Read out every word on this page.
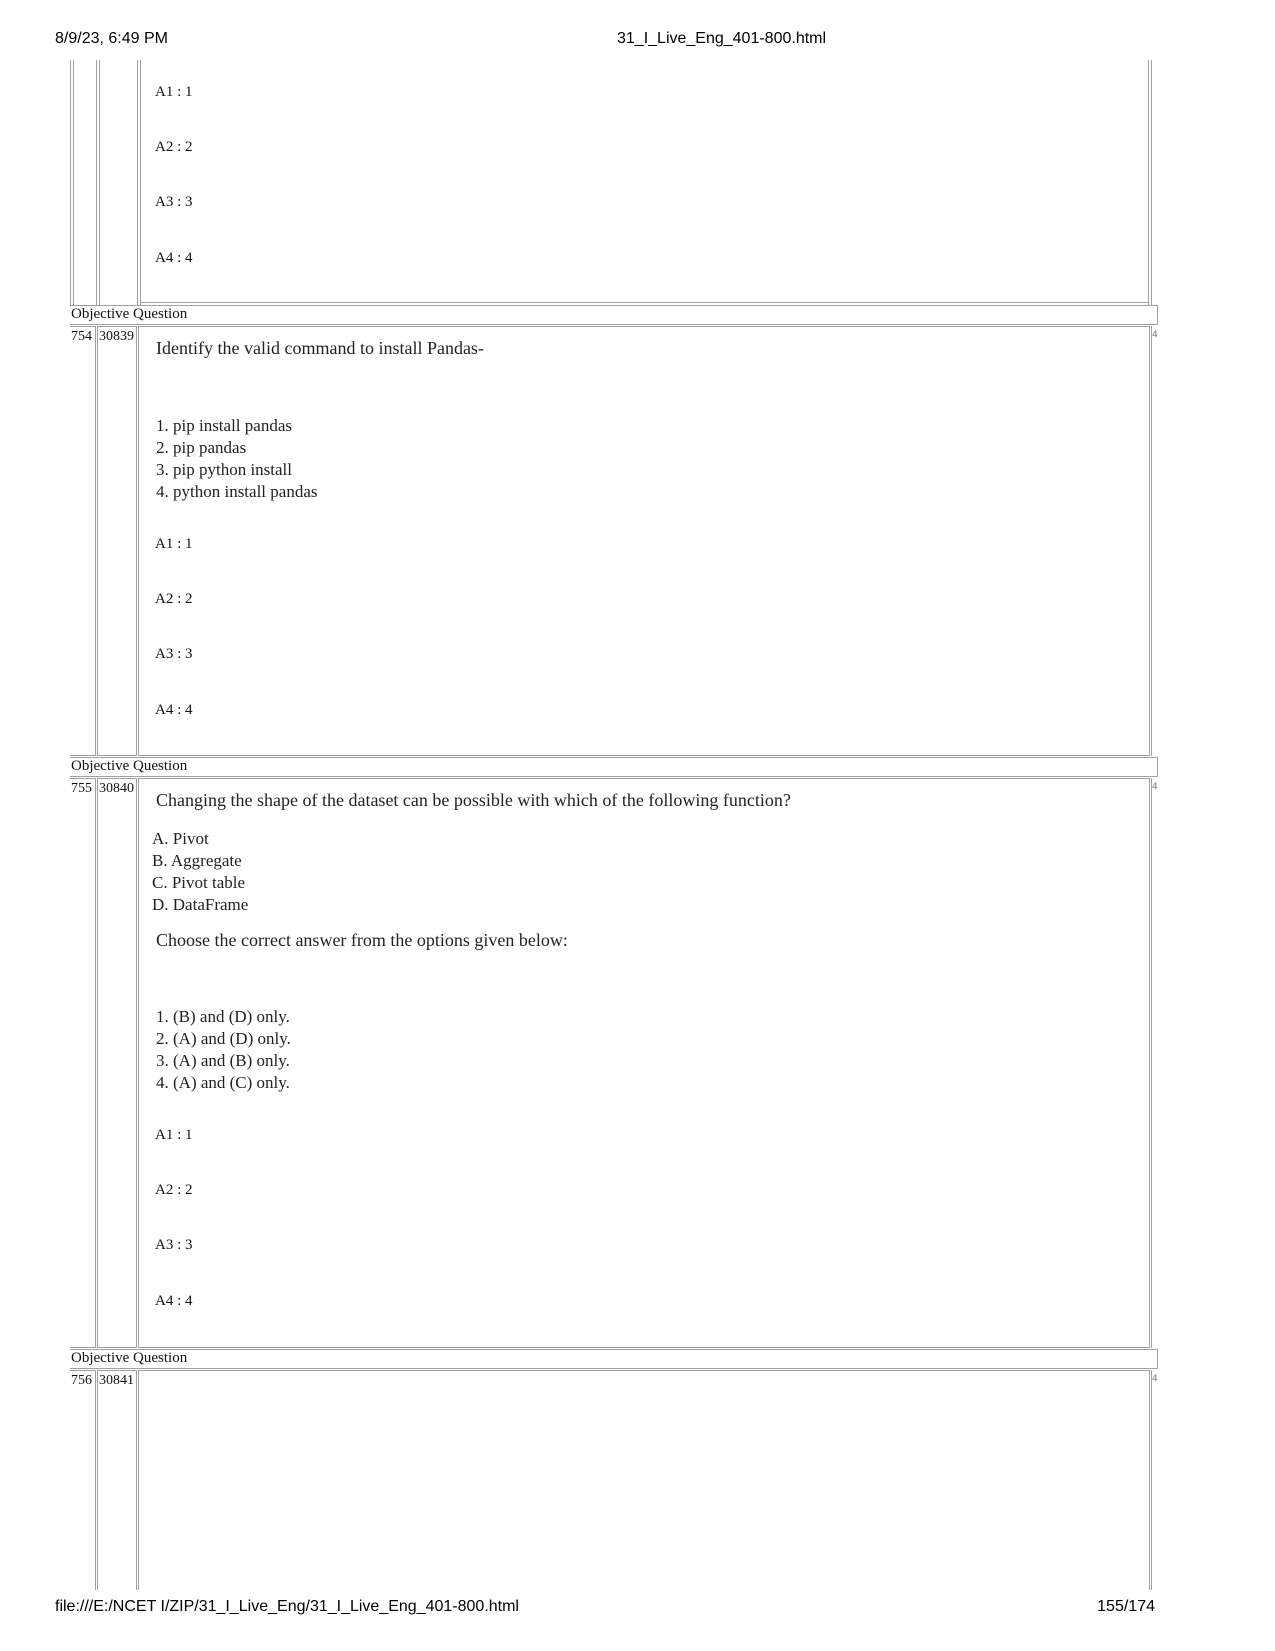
8/9/23, 6:49 PM	31_I_Live_Eng_401-800.html
file:///E:/NCET I/ZIP/31_I_Live_Eng/31_I_Live_Eng_401-800.html	155/174
A1 : 1
A2 : 2
A3 : 3
A4 : 4
Objective Question
754 30839	4
Identify the valid command to install Pandas-
1. pip install pandas
2. pip pandas
3. pip python install
4. python install pandas
A1 : 1
A2 : 2
A3 : 3
A4 : 4
Objective Question
755 30840	4
Changing the shape of the dataset can be possible with which of the following function?
A. Pivot
B. Aggregate
C. Pivot table
D. DataFrame
Choose the correct answer from the options given below:
1. (B) and (D) only.
2. (A) and (D) only.
3. (A) and (B) only.
4. (A) and (C) only.
A1 : 1
A2 : 2
A3 : 3
A4 : 4
Objective Question
756 30841	4
